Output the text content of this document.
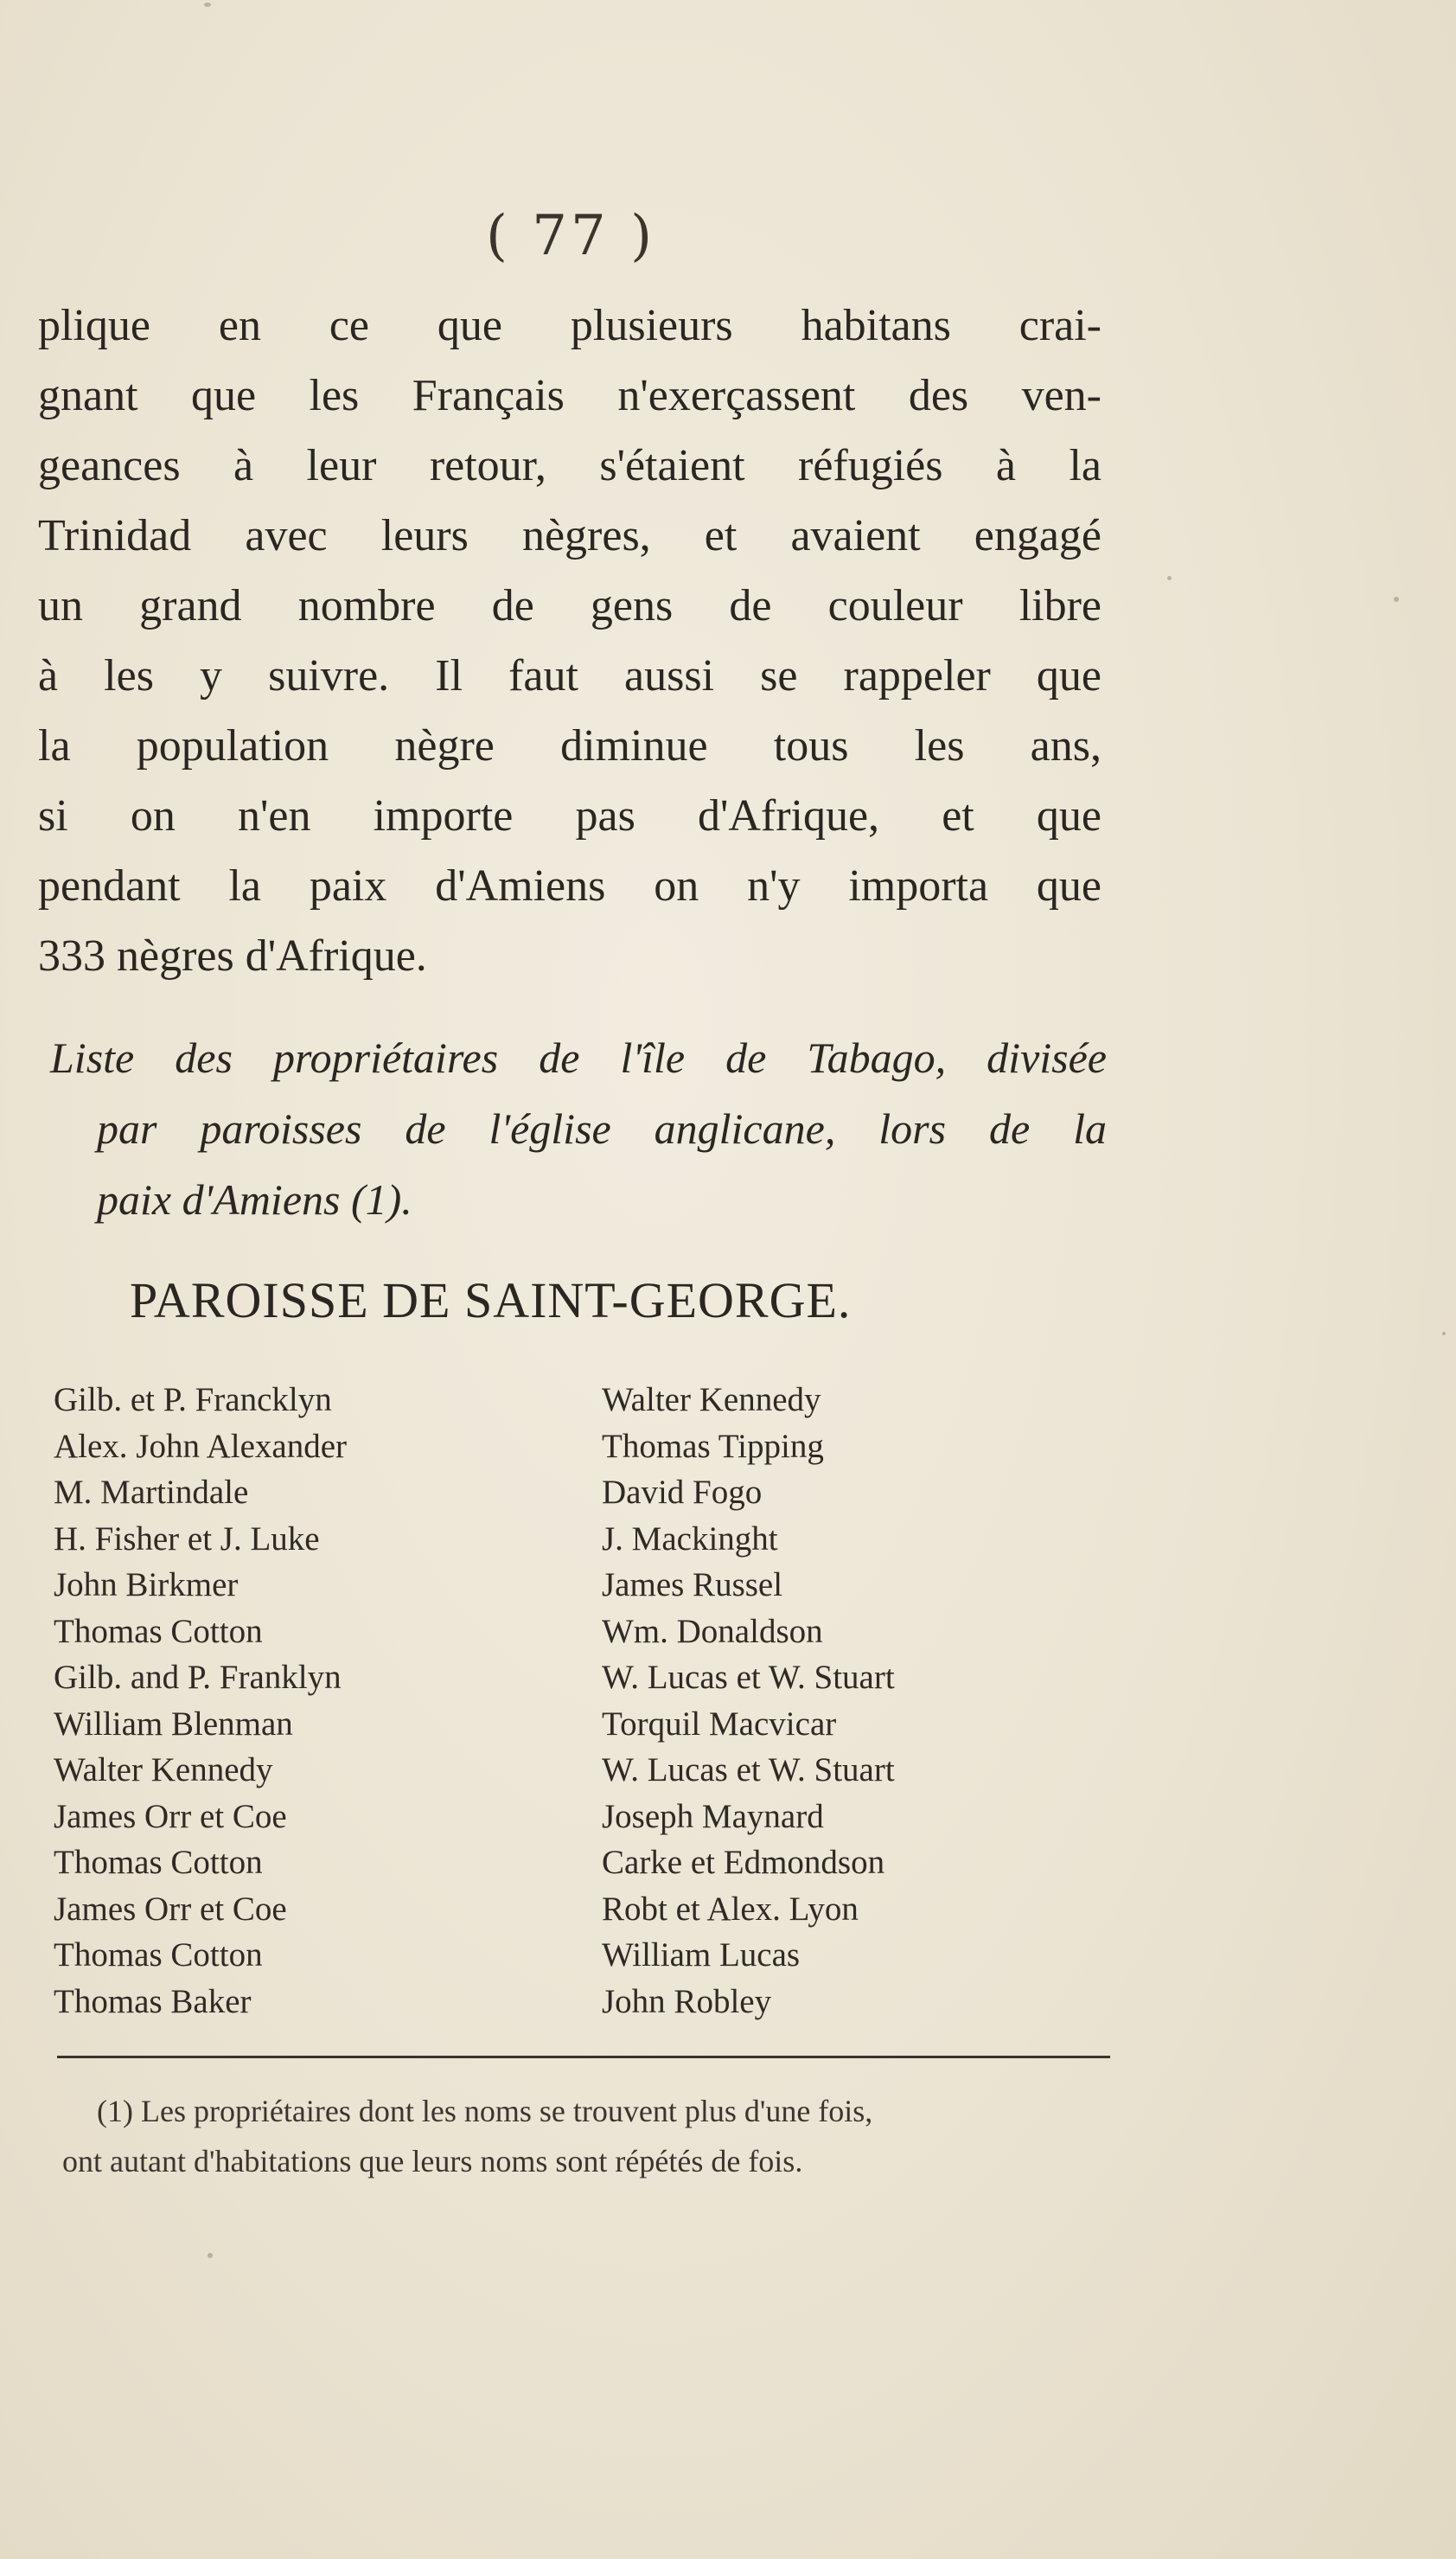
( 77 )

plique en ce que plusieurs habitans crai-
gnant que les Français n'exerçassent des ven-
geances à leur retour, s'étaient réfugiés à la
Trinidad avec leurs nègres, et avaient engagé
un grand nombre de gens de couleur libre
à les y suivre. Il faut aussi se rappeler que
la population nègre diminue tous les ans,
si on n'en importe pas d'Afrique, et que
pendant la paix d'Amiens on n'y importa que
333 nègres d'Afrique.

Liste des propriétaires de l'île de Tabago, divisée
par paroisses de l'église anglicane, lors de la
paix d'Amiens (1).
PAROISSE DE SAINT-GEORGE.
Gilb. et P. Francklyn
Alex. John Alexander
M. Martindale
H. Fisher et J. Luke
John Birkmer
Thomas Cotton
Gilb. and P. Franklyn
William Blenman
Walter Kennedy
James Orr et Coe
Thomas Cotton
James Orr et Coe
Thomas Cotton
Thomas Baker
Walter Kennedy
Thomas Tipping
David Fogo
J. Mackinght
James Russel
Wm. Donaldson
W. Lucas et W. Stuart
Torquil Macvicar
W. Lucas et W. Stuart
Joseph Maynard
Carke et Edmondson
Robt et Alex. Lyon
William Lucas
John Robley
(1) Les propriétaires dont les noms se trouvent plus d'une fois,
ont autant d'habitations que leurs noms sont répétés de fois.
